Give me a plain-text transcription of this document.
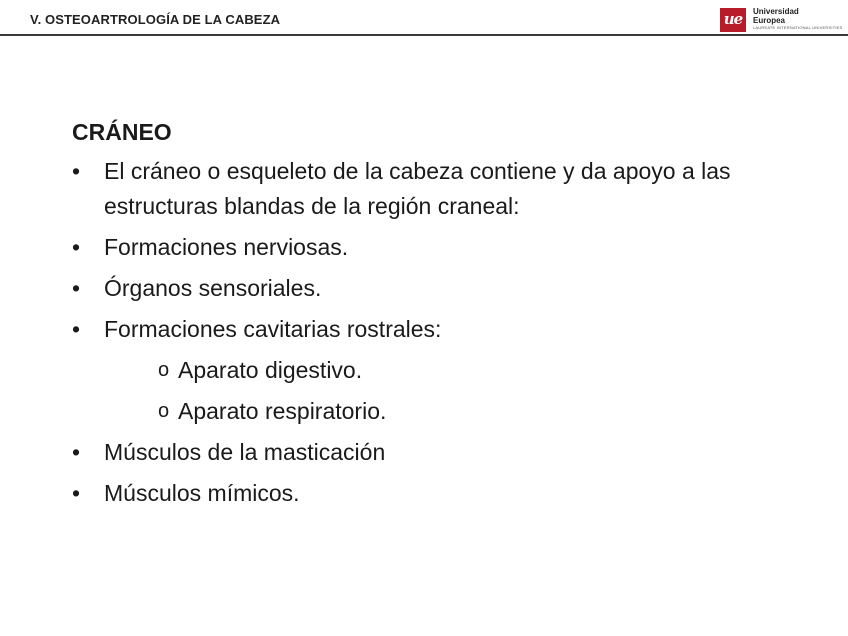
V. OSTEOARTROLOGÍA DE LA CABEZA	ue	Universidad
Europea
LAUREATE INTERNATIONAL UNIVERSITIES
CRÁNEO
•	El cráneo o esqueleto de la cabeza contiene y da apoyo a las estructuras blandas de la región craneal:
•	Formaciones nerviosas.
•	Órganos sensoriales.
•	Formaciones cavitarias rostrales:
o Aparato digestivo.
o Aparato respiratorio.
•	Músculos de la masticación
•	Músculos mímicos.
